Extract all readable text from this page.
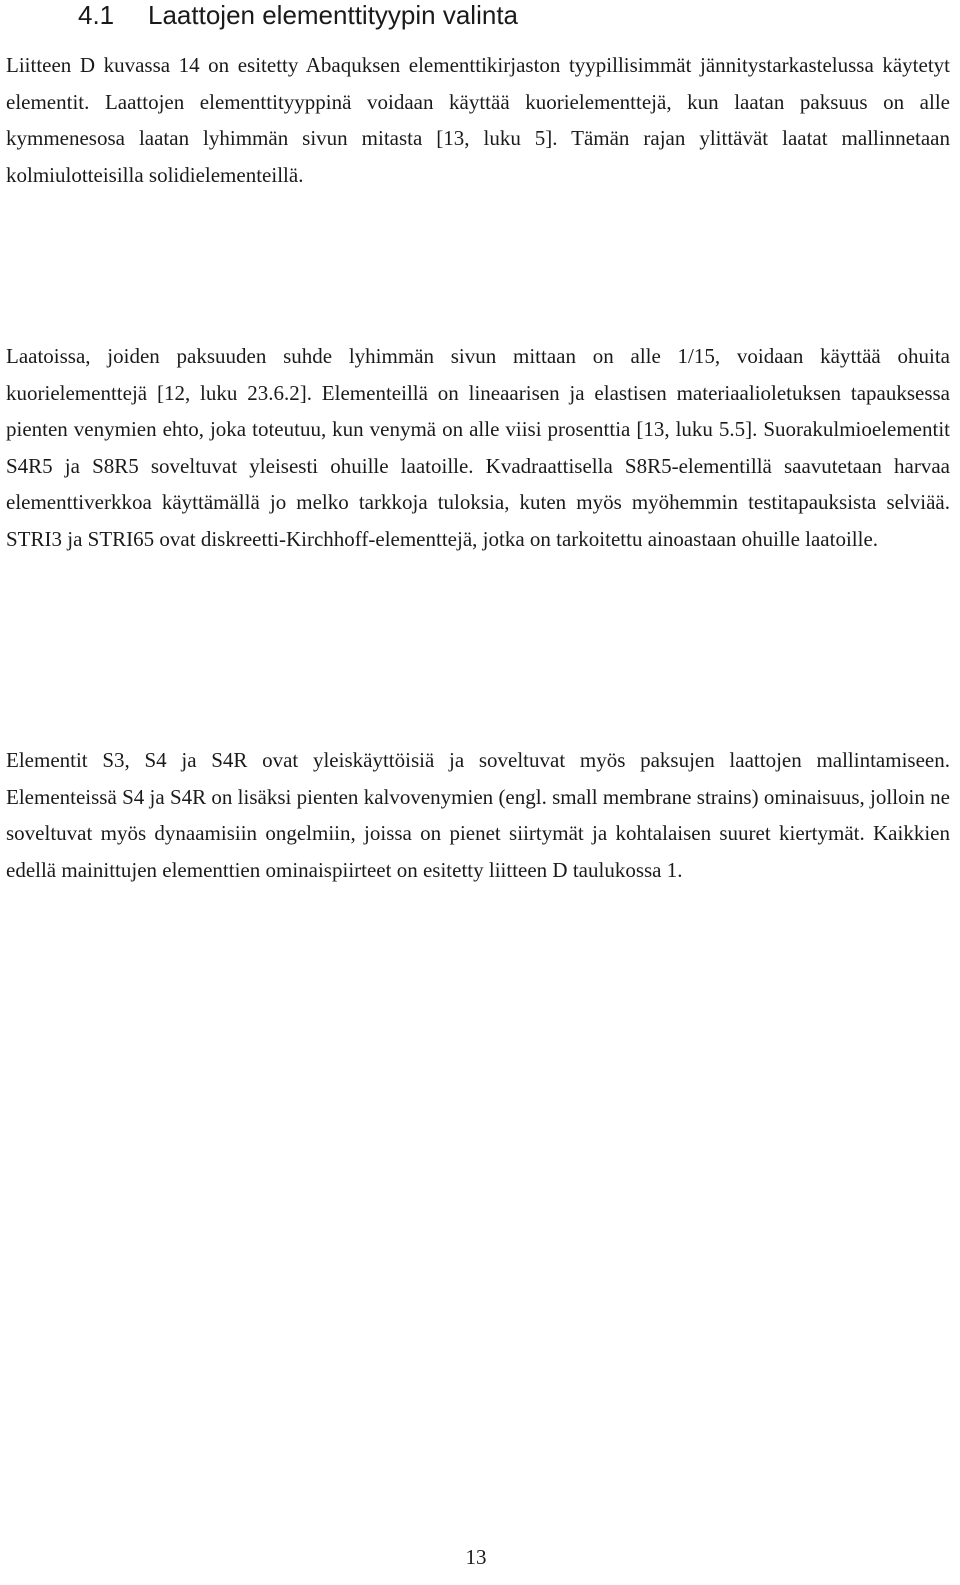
4.1 Laattojen elementtityypin valinta

Liitteen D kuvassa 14 on esitetty Abaquksen elementtikirjaston tyypillisimmät jännitystarkastelussa käytetyt elementit. Laattojen elementtityyppinä voidaan käyttää kuorielementtejä, kun laatan paksuus on alle kymmenesosa laatan lyhimmän sivun mitasta [13, luku 5]. Tämän rajan ylittävät laatat mallinnetaan kolmiulotteisilla solidielementeillä.

Laatoissa, joiden paksuuden suhde lyhimmän sivun mittaan on alle 1/15, voidaan käyttää ohuita kuorielementtejä [12, luku 23.6.2]. Elementeillä on lineaarisen ja elastisen materiaalioletuksen tapauksessa pienten venymien ehto, joka toteutuu, kun venymä on alle viisi prosenttia [13, luku 5.5]. Suorakulmioelementit S4R5 ja S8R5 soveltuvat yleisesti ohuille laatoille. Kvadraattisella S8R5-elementillä saavutetaan harvaa elementtiverkkoa käyttämällä jo melko tarkkoja tuloksia, kuten myös myöhemmin testitapauksista selviää. STRI3 ja STRI65 ovat diskreetti-Kirchhoff-elementtejä, jotka on tarkoitettu ainoastaan ohuille laatoille.

Elementit S3, S4 ja S4R ovat yleiskäyttöisiä ja soveltuvat myös paksujen laattojen mallintamiseen. Elementeissä S4 ja S4R on lisäksi pienten kalvovenymien (engl. small membrane strains) ominaisuus, jolloin ne soveltuvat myös dynaamisiin ongelmiin, joissa on pienet siirtymät ja kohtalaisen suuret kiertymät. Kaikkien edellä mainittujen elementtien ominaispiirteet on esitetty liitteen D taulukossa 1.

13
